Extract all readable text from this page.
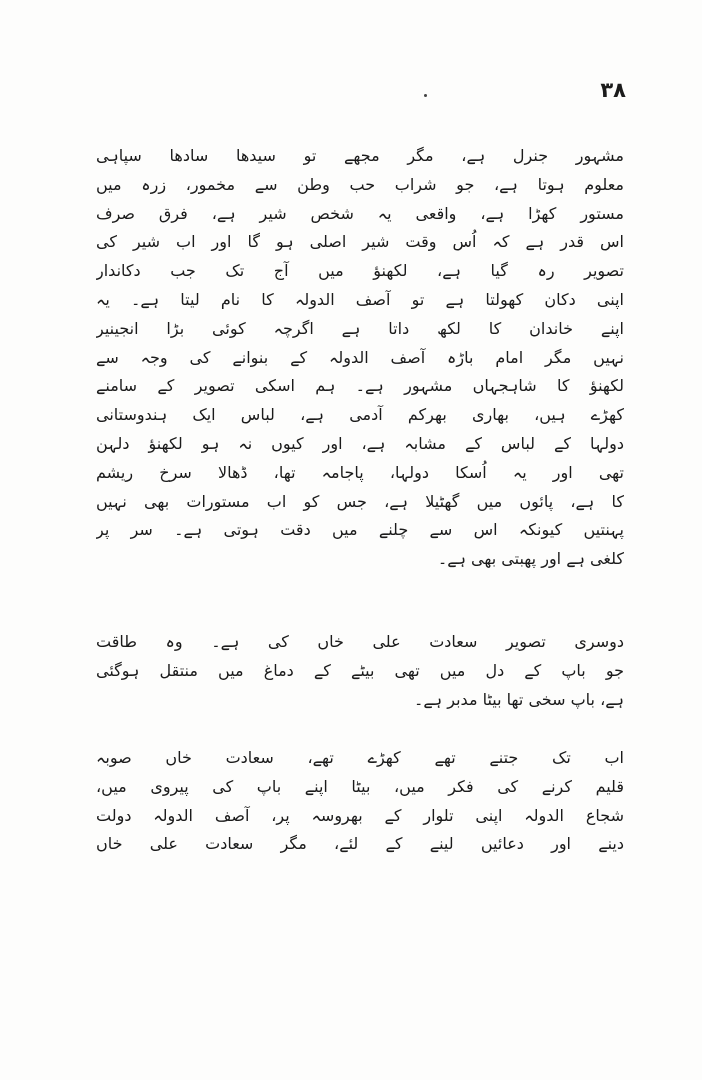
۳۸
مشہور جنرل ہے، مگر مجھے تو سیدھا سادھا سپاہی
معلوم ہوتا ہے، جو شراب حب وطن سے مخمور، زرہ میں
مستور کھڑا ہے، واقعی یہ شخص شیر ہے، فرق صرف
اس قدر ہے کہ اُس وقت شیر اصلی ہو گا اور اب شیر کی
تصویر رہ گیا ہے، لکھنؤ میں آج تک جب دکاندار
اپنی دکان کھولتا ہے تو آصف الدولہ کا نام لیتا ہے۔ یہ
اپنے خاندان کا لکھ داتا ہے اگرچہ کوئی بڑا انجینیر
نہیں مگر امام باڑہ آصف الدولہ کے بنوانے کی وجہ سے
لکھنؤ کا شاہجہاں مشہور ہے۔ ہم اسکی تصویر کے سامنے
کھڑے ہیں، بھاری بھرکم آدمی ہے، لباس ایک ہندوستانی
دولہا کے لباس کے مشابہ ہے، اور کیوں نہ ہو لکھنؤ دلہن
تھی اور یہ اُسکا دولہا، پاجامہ تھا، ڈھالا سرخ ریشم
کا ہے، پائوں میں گھٹیلا ہے، جس کو اب مستورات بھی نہیں
پہنتیں کیونکہ اس سے چلنے میں دقت ہوتی ہے۔ سر پر
کلغی ہے اور پھبتی بھی ہے۔
دوسری تصویر سعادت علی خاں کی ہے۔ وہ طاقت
جو باپ کے دل میں تھی بیٹے کے دماغ میں منتقل ہوگئی
ہے، باپ سخی تھا بیٹا مدبر ہے۔
اب تک جتنے تھے کھڑے تھے، سعادت خاں صوبہ
قلیم کرنے کی فکر میں، بیٹا اپنے باپ کی پیروی میں،
شجاع الدولہ اپنی تلوار کے بھروسہ پر، آصف الدولہ دولت
دینے اور دعائیں لینے کے لئے، مگر سعادت علی خاں
